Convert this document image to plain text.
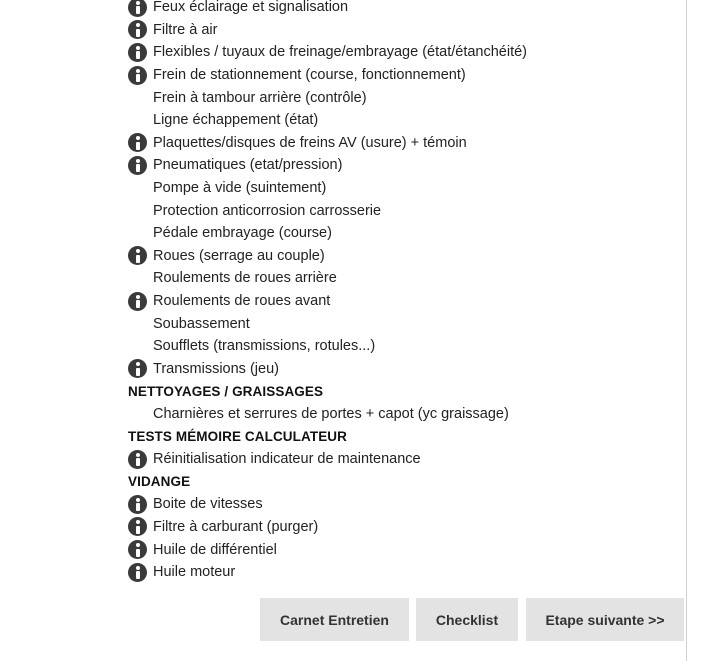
Feux éclairage et signalisation
Filtre à air
Flexibles / tuyaux de freinage/embrayage (état/étanchéité)
Frein de stationnement (course, fonctionnement)
Frein à tambour arrière (contrôle)
Ligne échappement (état)
Plaquettes/disques de freins AV (usure) + témoin
Pneumatiques (etat/pression)
Pompe à vide (suintement)
Protection anticorrosion carrosserie
Pédale embrayage (course)
Roues (serrage au couple)
Roulements de roues arrière
Roulements de roues avant
Soubassement
Soufflets (transmissions, rotules...)
Transmissions (jeu)
NETTOYAGES / GRAISSAGES
Charnières et serrures de portes + capot (yc graissage)
TESTS MÉMOIRE CALCULATEUR
Réinitialisation indicateur de maintenance
VIDANGE
Boite de vitesses
Filtre à carburant (purger)
Huile de différentiel
Huile moteur
Carnet Entretien	Checklist	Etape suivante >>
